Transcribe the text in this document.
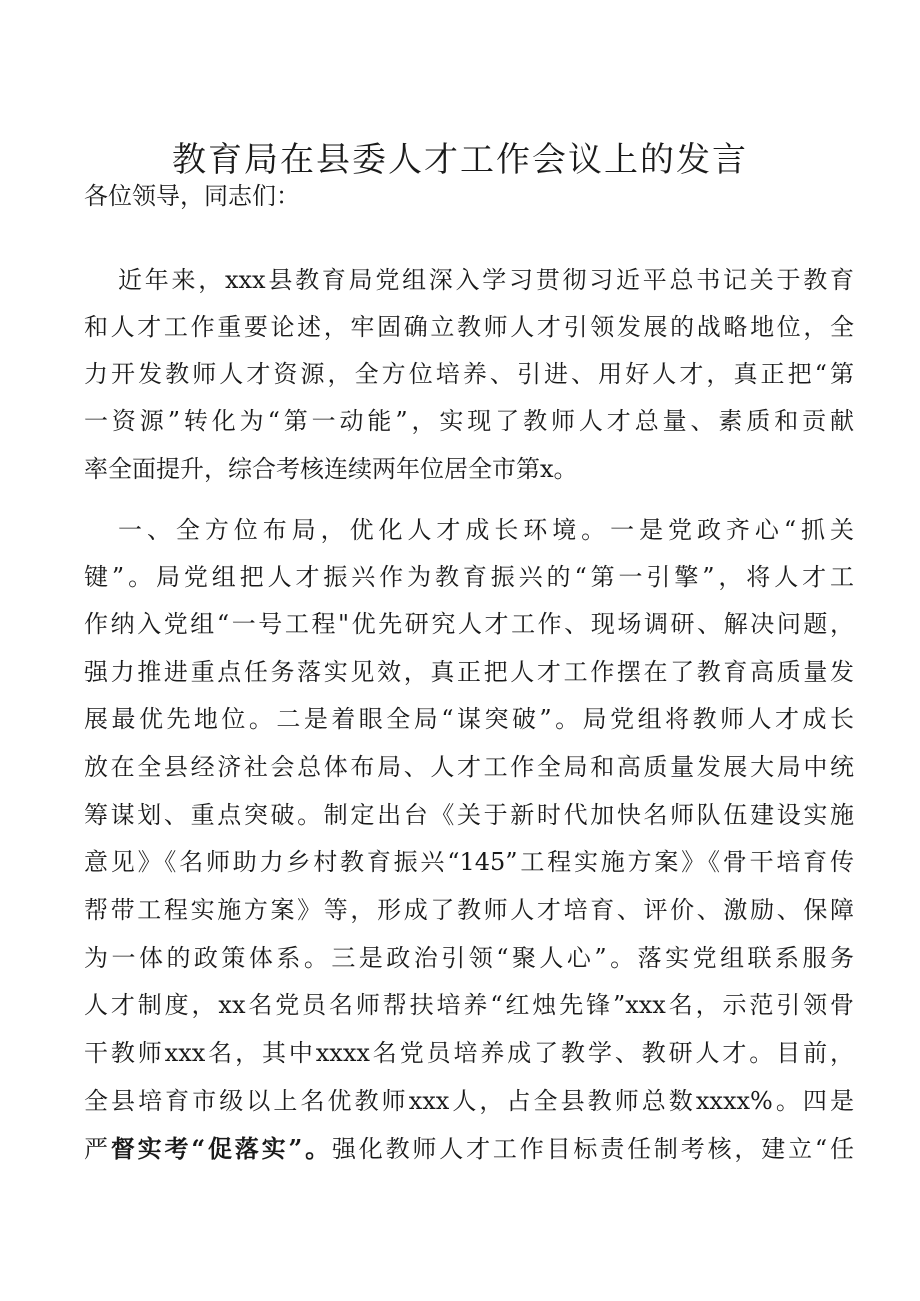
教育局在县委人才工作会议上的发言

各位领导，同志们：

近年来，xxx县教育局党组深入学习贯彻习近平总书记关于教育

和人才工作重要论述，牢固确立教师人才引领发展的战略地位，全

力开发教师人才资源，全方位培养、引进、用好人才，真正把“第

一资源”转化为“第一动能”，实现了教师人才总量、素质和贡献

率全面提升，综合考核连续两年位居全市第x。

一、全方位布局，优化人才成长环境。一是党政齐心“抓关

键”。局党组把人才振兴作为教育振兴的“第一引擎”，将人才工

作纳入党组“一号工程"优先研究人才工作、现场调研、解决问题，

强力推进重点任务落实见效，真正把人才工作摆在了教育高质量发

展最优先地位。二是着眼全局“谋突破”。局党组将教师人才成长

放在全县经济社会总体布局、人才工作全局和高质量发展大局中统

筹谋划、重点突破。制定出台《关于新时代加快名师队伍建设实施

意见》《名师助力乡村教育振兴“145”工程实施方案》《骨干培育传

帮带工程实施方案》等，形成了教师人才培育、评价、激励、保障

为一体的政策体系。三是政治引领“聚人心”。落实党组联系服务

人才制度，xx名党员名师帮扶培养“红烛先锋”xxx名，示范引领骨

干教师xxx名，其中xxxx名党员培养成了教学、教研人才。目前，

全县培育市级以上名优教师xxx人，占全县教师总数xxxx%。四是

严督实考“促落实”。强化教师人才工作目标责任制考核，建立“任
